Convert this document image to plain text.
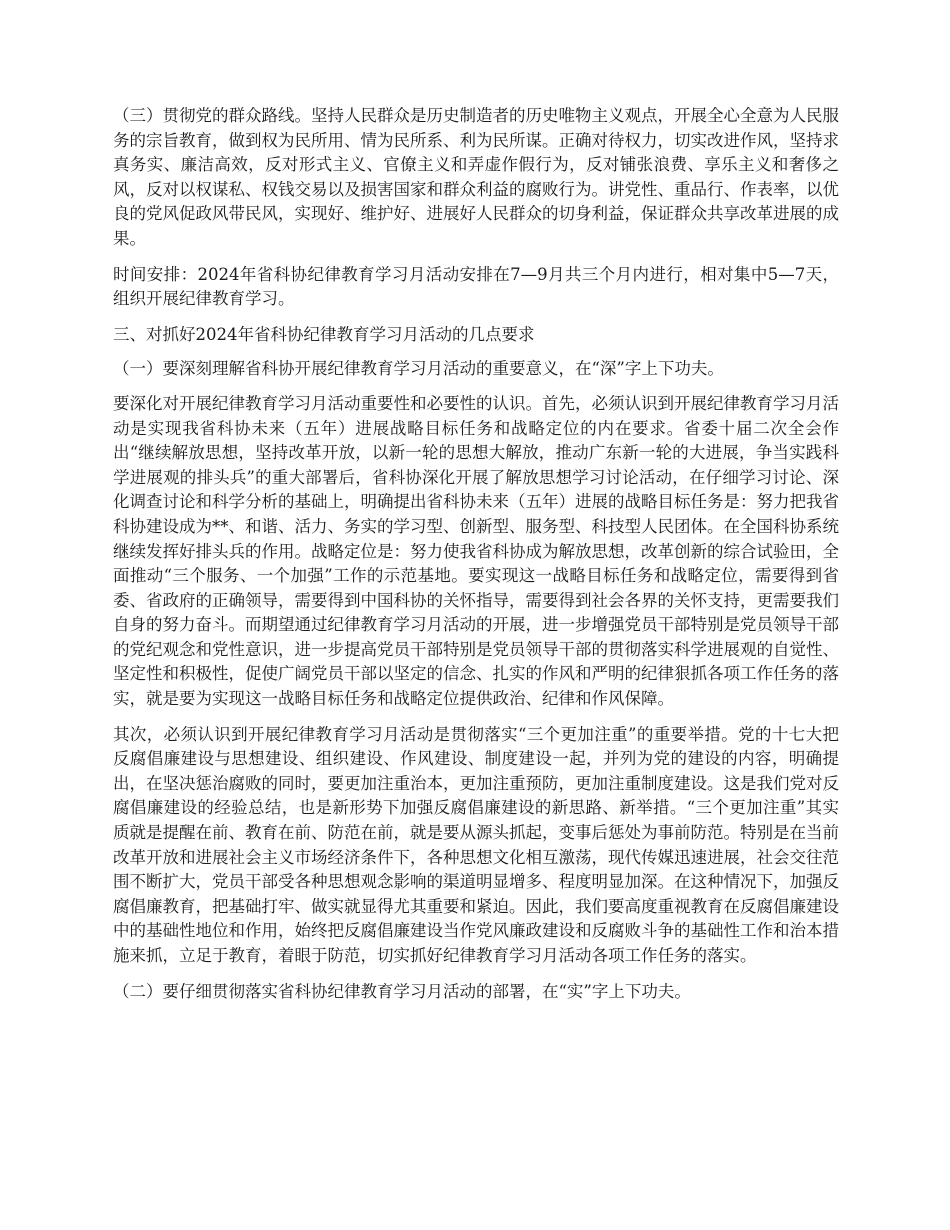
（三）贯彻党的群众路线。坚持人民群众是历史制造者的历史唯物主义观点，开展全心全意为人民服务的宗旨教育，做到权为民所用、情为民所系、利为民所谋。正确对待权力，切实改进作风，坚持求真务实、廉洁高效，反对形式主义、官僚主义和弄虚作假行为，反对铺张浪费、享乐主义和奢侈之风，反对以权谋私、权钱交易以及损害国家和群众利益的腐败行为。讲党性、重品行、作表率，以优良的党风促政风带民风，实现好、维护好、进展好人民群众的切身利益，保证群众共享改革进展的成果。

时间安排：2024年省科协纪律教育学习月活动安排在7—9月共三个月内进行，相对集中5—7天，组织开展纪律教育学习。

三、对抓好2024年省科协纪律教育学习月活动的几点要求

（一）要深刻理解省科协开展纪律教育学习月活动的重要意义，在“深”字上下功夫。

要深化对开展纪律教育学习月活动重要性和必要性的认识。首先，必须认识到开展纪律教育学习月活动是实现我省科协未来（五年）进展战略目标任务和战略定位的内在要求。省委十届二次全会作出“继续解放思想，坚持改革开放，以新一轮的思想大解放，推动广东新一轮的大进展，争当实践科学进展观的排头兵”的重大部署后，省科协深化开展了解放思想学习讨论活动，在仔细学习讨论、深化调查讨论和科学分析的基础上，明确提出省科协未来（五年）进展的战略目标任务是：努力把我省科协建设成为**、和谐、活力、务实的学习型、创新型、服务型、科技型人民团体。在全国科协系统继续发挥好排头兵的作用。战略定位是：努力使我省科协成为解放思想，改革创新的综合试验田，全面推动“三个服务、一个加强”工作的示范基地。要实现这一战略目标任务和战略定位，需要得到省委、省政府的正确领导，需要得到中国科协的关怀指导，需要得到社会各界的关怀支持，更需要我们自身的努力奋斗。而期望通过纪律教育学习月活动的开展，进一步增强党员干部特别是党员领导干部的党纪观念和党性意识，进一步提高党员干部特别是党员领导干部的贯彻落实科学进展观的自觉性、坚定性和积极性，促使广阔党员干部以坚定的信念、扎实的作风和严明的纪律狠抓各项工作任务的落实，就是要为实现这一战略目标任务和战略定位提供政治、纪律和作风保障。

其次，必须认识到开展纪律教育学习月活动是贯彻落实“三个更加注重”的重要举措。党的十七大把反腐倡廉建设与思想建设、组织建设、作风建设、制度建设一起，并列为党的建设的内容，明确提出，在坚决惩治腐败的同时，要更加注重治本，更加注重预防，更加注重制度建设。这是我们党对反腐倡廉建设的经验总结，也是新形势下加强反腐倡廉建设的新思路、新举措。“三个更加注重”其实质就是提醒在前、教育在前、防范在前，就是要从源头抓起，变事后惩处为事前防范。特别是在当前改革开放和进展社会主义市场经济条件下，各种思想文化相互激荡，现代传媒迅速进展，社会交往范围不断扩大，党员干部受各种思想观念影响的渠道明显增多、程度明显加深。在这种情况下，加强反腐倡廉教育，把基础打牢、做实就显得尤其重要和紧迫。因此，我们要高度重视教育在反腐倡廉建设中的基础性地位和作用，始终把反腐倡廉建设当作党风廉政建设和反腐败斗争的基础性工作和治本措施来抓，立足于教育，着眼于防范，切实抓好纪律教育学习月活动各项工作任务的落实。

（二）要仔细贯彻落实省科协纪律教育学习月活动的部署，在“实”字上下功夫。
